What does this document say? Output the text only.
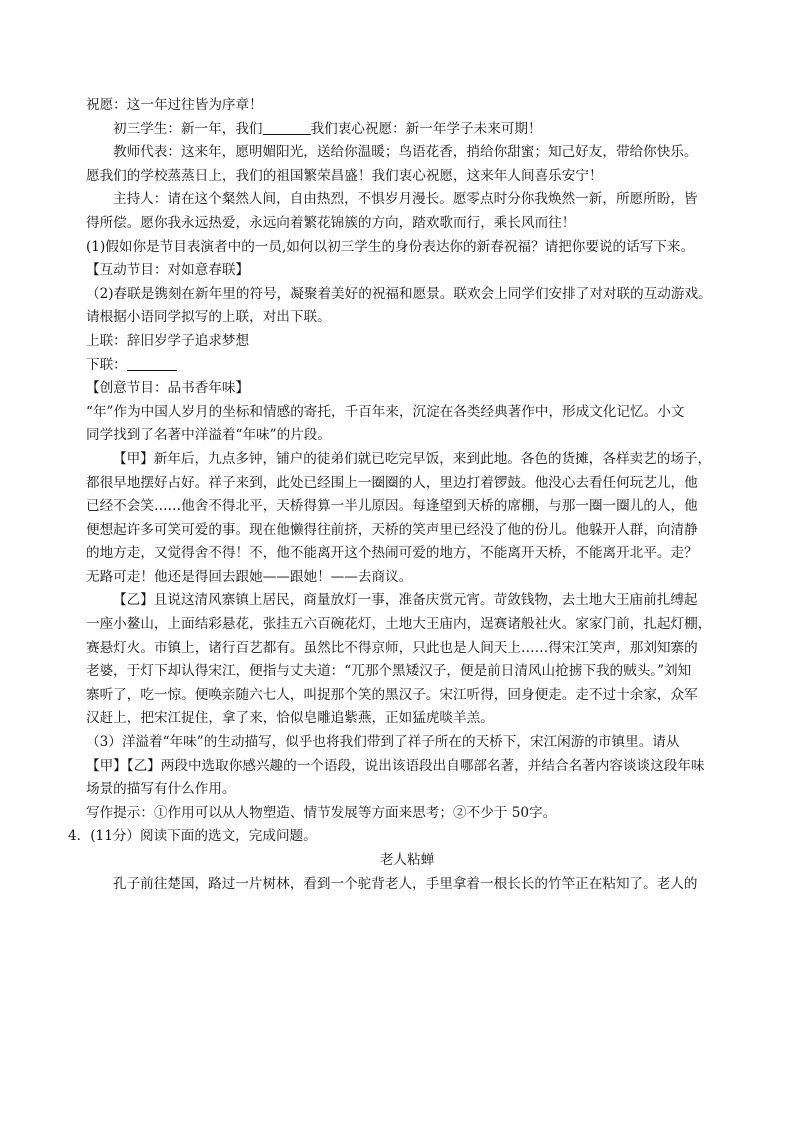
祝愿：这一年过往皆为序章！
初三学生：新一年，我们	我们衷心祝愿：新一年学子未来可期！
教师代表：这来年，愿明媚阳光，送给你温暖；鸟语花香，捎给你甜蜜；知己好友，带给你快乐。
愿我们的学校蒸蒸日上，我们的祖国繁荣昌盛！我们衷心祝愿，这来年人间喜乐安宁！
主持人：请在这个粲然人间，自由热烈，不惧岁月漫长。愿零点时分你我焕然一新，所愿所盼，皆
得所偿。愿你我永远热爱，永远向着繁花锦簇的方向，踏欢歌而行，乘长风而往！
(1)假如你是节目表演者中的一员,如何以初三学生的身份表达你的新春祝福？请把你要说的话写下来。
【互动节目：对如意春联】
（2)春联是镌刻在新年里的符号，凝聚着美好的祝福和愿景。联欢会上同学们安排了对对联的互动游戏。
请根据小语同学拟写的上联，对出下联。
上联：辞旧岁学子追求梦想
下联：
【创意节目：品书香年味】
“年”作为中国人岁月的坐标和情感的寄托，千百年来，沉淀在各类经典著作中，形成文化记忆。小文
同学找到了名著中洋溢着“年味”的片段。
【甲】新年后，九点多钟，铺户的徒弟们就已吃完早饭，来到此地。各色的货摊，各样卖艺的场子，
都很早地摆好占好。祥子来到，此处已经围上一圈圈的人，里边打着锣鼓。他没心去看任何玩艺儿，他
已经不会笑……他舍不得北平，天桥得算一半儿原因。每逢望到天桥的席棚，与那一圈一圈儿的人，他
便想起许多可笑可爱的事。现在他懒得往前挤，天桥的笑声里已经没了他的份儿。他躲开人群，向清静
的地方走，又觉得舍不得！不，他不能离开这个热闹可爱的地方，不能离开天桥，不能离开北平。走？
无路可走！他还是得回去跟她——跟她！——去商议。
【乙】且说这清风寨镇上居民，商量放灯一事，准备庆赏元宵。苛敛钱物，去土地大王庙前扎缚起
一座小鳌山，上面结彩悬花，张挂五六百碗花灯，土地大王庙内，逞赛诸般社火。家家门前，扎起灯棚，
赛悬灯火。市镇上，诸行百艺都有。虽然比不得京师，只此也是人间天上……得宋江笑声，那刘知寨的
老婆，于灯下却认得宋江，便指与丈夫道：“兀那个黑矮汉子，便是前日清风山抢掳下我的贼头。”刘知
寨听了，吃一惊。便唤亲随六七人，叫捉那个笑的黑汉子。宋江听得，回身便走。走不过十余家，众军
汉赶上，把宋江捉住，拿了来，恰似皂雕追紫燕，正如猛虎啖羊羔。
（3）洋溢着“年味”的生动描写，似乎也将我们带到了祥子所在的天桥下，宋江闲游的市镇里。请从
【甲】【乙】两段中选取你感兴趣的一个语段，说出该语段出自哪部名著，并结合名著内容谈谈这段年味
场景的描写有什么作用。
写作提示：①作用可以从人物塑造、情节发展等方面来思考；②不少于 50字。
4．(11分）阅读下面的选文，完成问题。
老人粘蝉
孔子前往楚国，路过一片树林，看到一个驼背老人，手里拿着一根长长的竹竿正在粘知了。老人的
